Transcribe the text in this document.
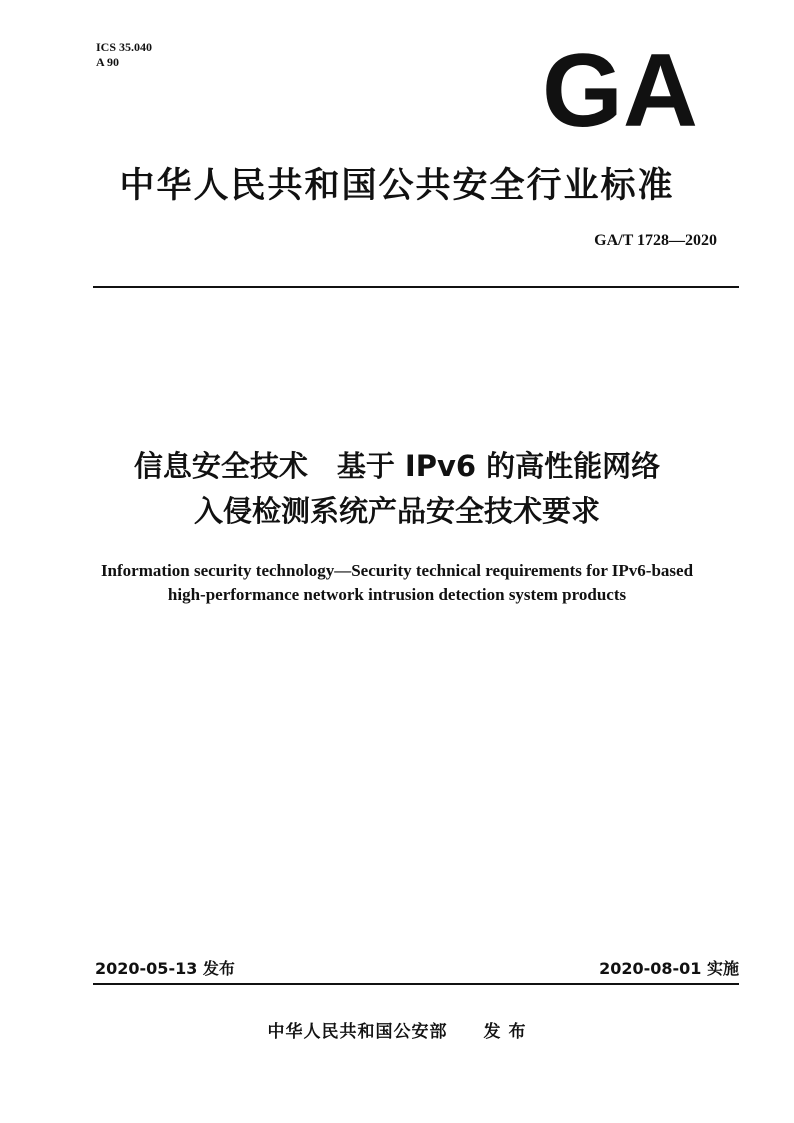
ICS 35.040
A 90	GA
中华人民共和国公共安全行业标准
GA/T 1728—2020
信息安全技术　基于 IPv6 的高性能网络
入侵检测系统产品安全技术要求
Information security technology—Security technical requirements for IPv6-based
high-performance network intrusion detection system products
2020-05-13 发布	2020-08-01 实施
中华人民共和国公安部　　发 布
